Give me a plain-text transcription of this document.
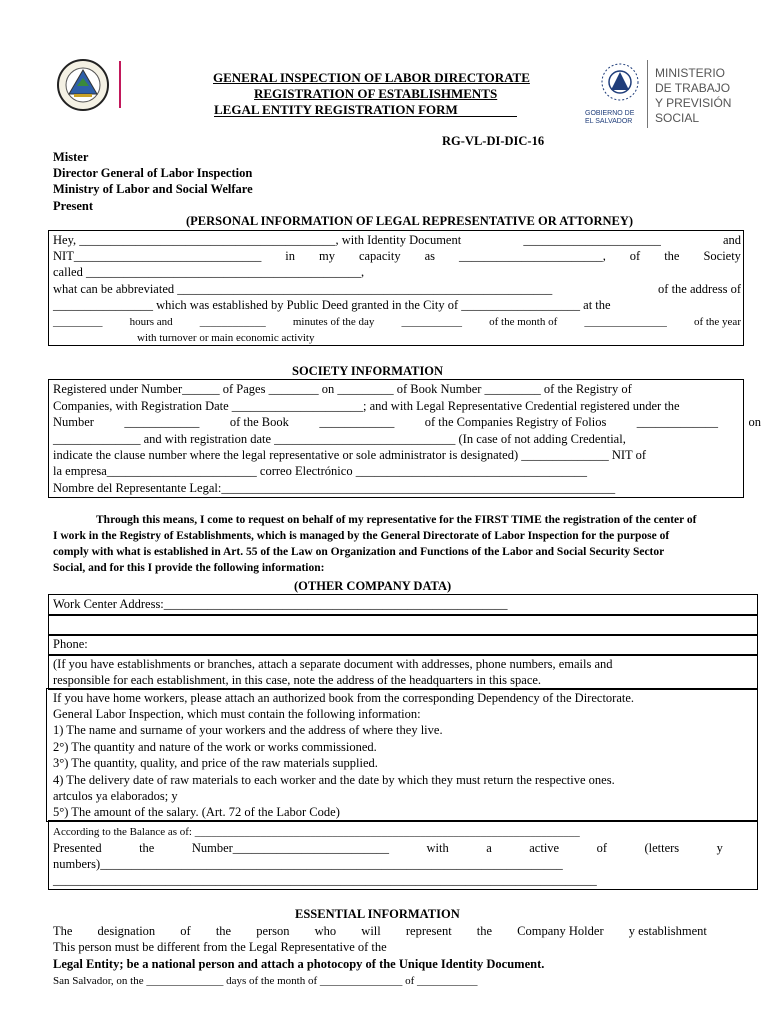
GENERAL INSPECTION OF LABOR DIRECTORATE
REGISTRATION OF ESTABLISHMENTS
LEGAL ENTITY REGISTRATION FORM
RG-VL-DI-DIC-16
GOBIERNO DE
EL SALVADOR
MINISTERIO
DE TRABAJO
Y PREVISIÓN
SOCIAL
Mister
Director General of Labor Inspection
Ministry of Labor and Social Welfare
Present
(PERSONAL INFORMATION OF LEGAL REPRESENTATIVE OR ATTORNEY)
Hey, _________________________________________, with Identity Document	______________________	and
NIT______________________________ in my capacity as _______________________, of the Society
called ____________________________________________,
what can be abbreviated ____________________________________________________________	of the address of
________________ which was established by Public Deed granted in the City of ___________________ at the
_________ hours and ____________ minutes of the day ___________ of the month of _______________ of the year
with turnover or main economic activity
SOCIETY INFORMATION
Registered under Number______ of Pages ________ on _________ of Book Number _________ of the Registry of
Companies, with Registration Date _____________________; and with Legal Representative Credential registered under the
Number ____________ of the Book ____________ of the Companies Registry of Folios _____________ on
______________ and with registration date _____________________________ (In case of not adding Credential,
indicate the clause number where the legal representative or sole administrator is designated) ______________ NIT of
la empresa________________________ correo Electrónico _____________________________________
Nombre del Representante Legal:_______________________________________________________________
Through this means, I come to request on behalf of my representative for the FIRST TIME the registration of the center of
I work in the Registry of Establishments, which is managed by the General Directorate of Labor Inspection for the purpose of
comply with what is established in Art. 55 of the Law on Organization and Functions of the Labor and Social Security Sector
Social, and for this I provide the following information:
(OTHER COMPANY DATA)
Work Center Address:_______________________________________________________
Phone:
(If you have establishments or branches, attach a separate document with addresses, phone numbers, emails and
responsible for each establishment, in this case, note the address of the headquarters in this space.
If you have home workers, please attach an authorized book from the corresponding Dependency of the Directorate.
General Labor Inspection, which must contain the following information:
1) The name and surname of your workers and the address of where they live.
2°) The quantity and nature of the work or works commissioned.
3°) The quantity, quality, and price of the raw materials supplied.
4) The delivery date of raw materials to each worker and the date by which they must return the respective ones.
artculos ya elaborados; y
5°) The amount of the salary. (Art. 72 of the Labor Code)
According to the Balance as of: ______________________________________________________________________
Presented	the	Number_________________________	with	a	active	of	(letters	y
numbers)__________________________________________________________________________
_______________________________________________________________________________________
ESSENTIAL INFORMATION
The designation of the person who will represent the Company Holder y establishment
This person must be different from the Legal Representative of the
Legal Entity; be a national person and attach a photocopy of the Unique Identity Document.
San Salvador, on the ______________ days of the month of _______________ of ___________
